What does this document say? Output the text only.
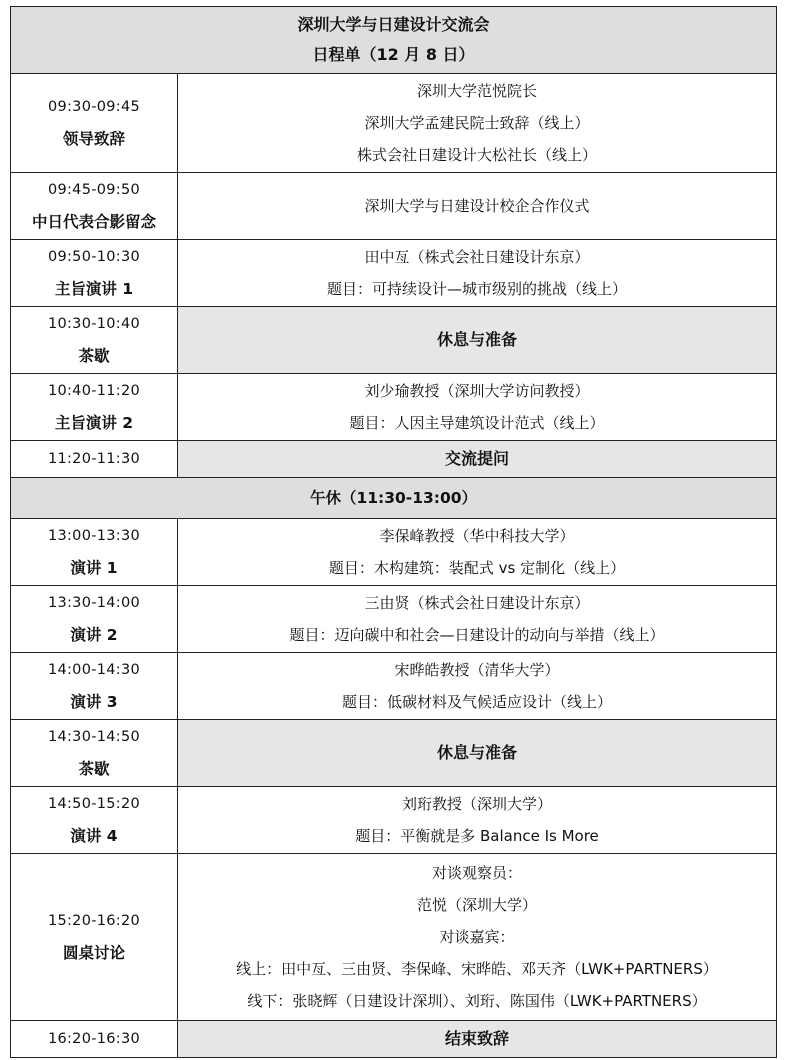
深圳大学与日建设计交流会
日程单（12 月 8 日）	

09:30-09:45
领导致辞	深圳大学范悦院长
深圳大学孟建民院士致辞（线上）
株式会社日建设计大松社长（线上）

09:45-09:50
中日代表合影留念	深圳大学与日建设计校企合作仪式

09:50-10:30
主旨演讲 1	田中亙（株式会社日建设计东京）
题目：可持续设计—城市级别的挑战（线上）

10:30-10:40
茶歇	休息与准备

10:40-11:20
主旨演讲 2	刘少瑜教授（深圳大学访问教授）
题目：人因主导建筑设计范式（线上）

11:20-11:30	交流提问
午休（11:30-13:00）	

13:00-13:30
演讲 1	李保峰教授（华中科技大学）
题目：木构建筑：装配式 vs 定制化（线上）

13:30-14:00
演讲 2	三由贤（株式会社日建设计东京）
题目：迈向碳中和社会—日建设计的动向与举措（线上）

14:00-14:30
演讲 3	宋晔皓教授（清华大学）
题目：低碳材料及气候适应设计（线上）

14:30-14:50
茶歇	休息与准备

14:50-15:20
演讲 4	刘珩教授（深圳大学）
题目：平衡就是多 Balance Is More

15:20-16:20
圆桌讨论	对谈观察员：
范悦（深圳大学）
对谈嘉宾：
线上：田中亙、三由贤、李保峰、宋晔皓、邓天齐（LWK+PARTNERS）
线下：张晓辉（日建设计深圳）、刘珩、陈国伟（LWK+PARTNERS）

16:20-16:30	结束致辞
